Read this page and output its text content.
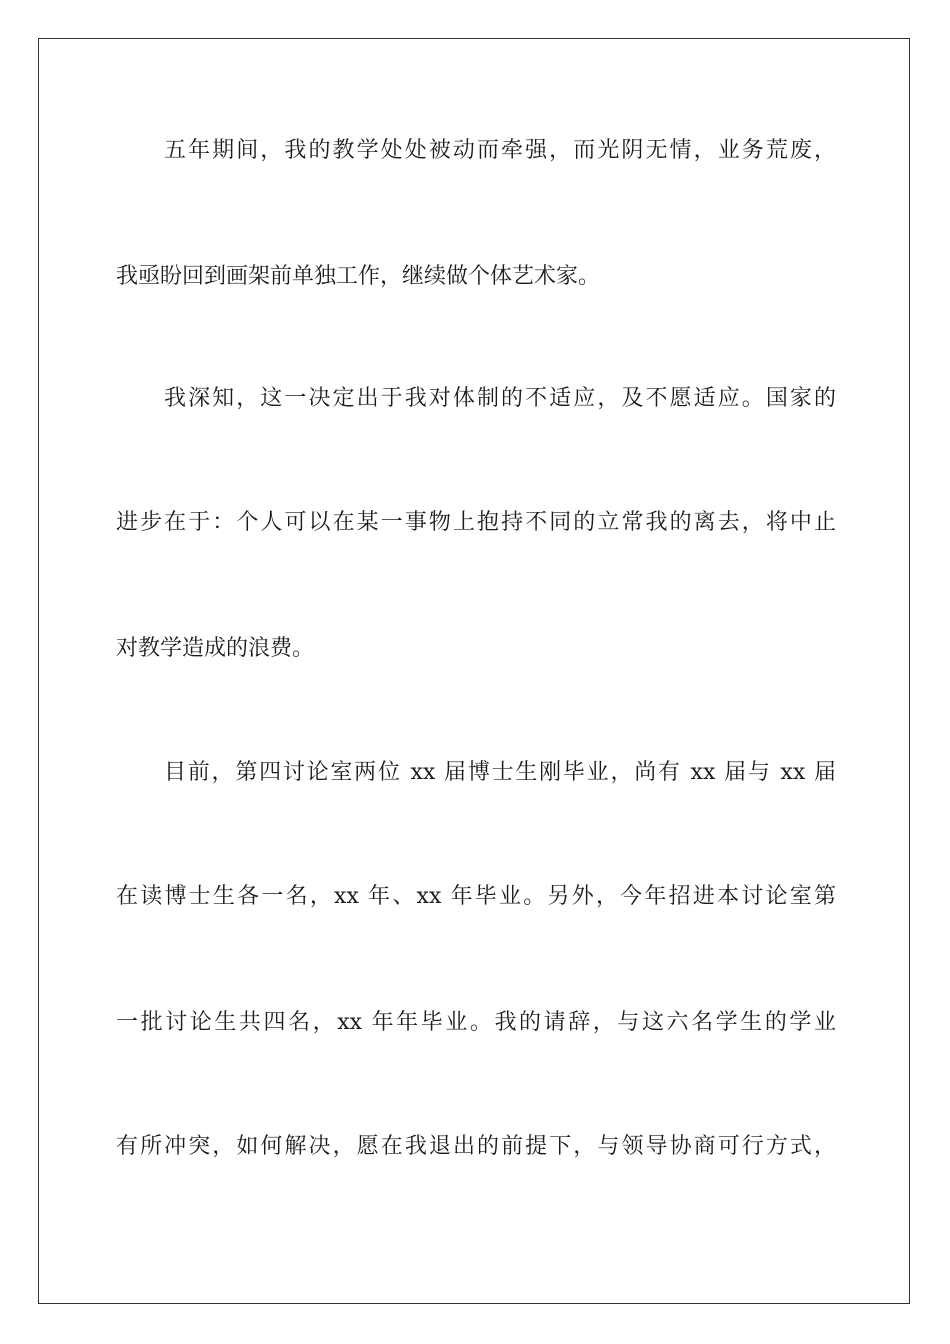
五年期间，我的教学处处被动而牵强，而光阴无情，业务荒废，

我亟盼回到画架前单独工作，继续做个体艺术家。

我深知，这一决定出于我对体制的不适应，及不愿适应。国家的

进步在于：个人可以在某一事物上抱持不同的立常我的离去，将中止

对教学造成的浪费。

目前，第四讨论室两位 xx 届博士生刚毕业，尚有 xx 届与 xx 届

在读博士生各一名，xx 年、xx 年毕业。另外，今年招进本讨论室第

一批讨论生共四名，xx 年年毕业。我的请辞，与这六名学生的学业

有所冲突，如何解决，愿在我退出的前提下，与领导协商可行方式，
